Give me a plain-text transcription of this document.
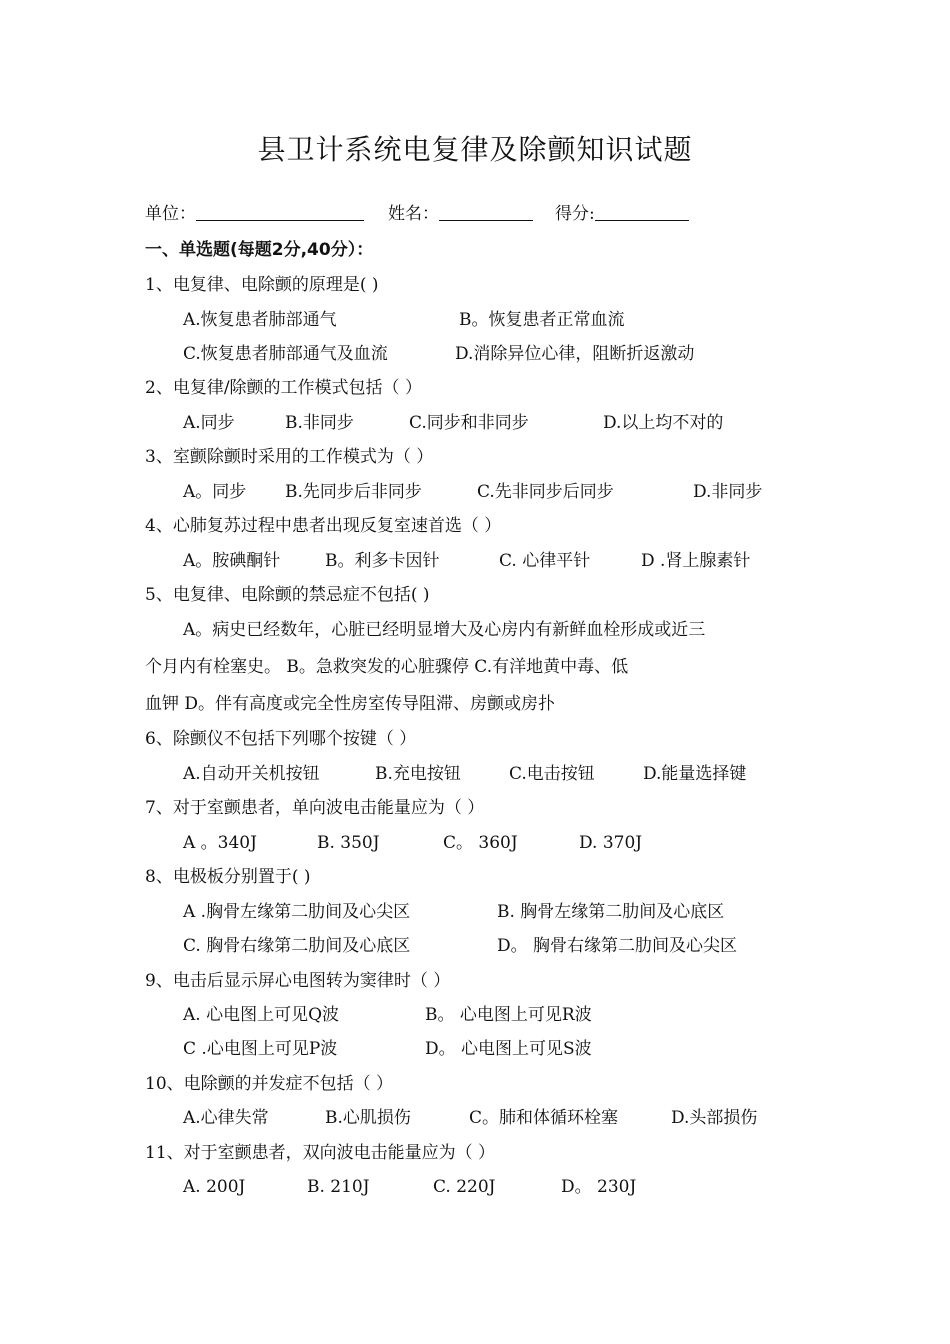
县卫计系统电复律及除颤知识试题
单位：	姓名：	得分:
一、单选题(每题2分,40分）：
1、电复律、电除颤的原理是( )
A.恢复患者肺部通气	B。恢复患者正常血流
C.恢复患者肺部通气及血流	D.消除异位心律，阻断折返激动
2、电复律/除颤的工作模式包括（ ）
A.同步	B.非同步	C.同步和非同步	D.以上均不对的
3、室颤除颤时采用的工作模式为（ ）
A。同步 B.先同步后非同步	C.先非同步后同步	D.非同步
4、心肺复苏过程中患者出现反复室速首选（ ）
A。胺碘酮针	B。利多卡因针	C. 心律平针	D .肾上腺素针
5、电复律、电除颤的禁忌症不包括( )
A。病史已经数年，心脏已经明显增大及心房内有新鲜血栓形成或近三
个月内有栓塞史。 B。急救突发的心脏骤停 C.有洋地黄中毒、低
血钾 D。伴有高度或完全性房室传导阻滞、房颤或房扑
6、除颤仪不包括下列哪个按键（ ）
A.自动开关机按钮	B.充电按钮	C.电击按钮	D.能量选择键
7、对于室颤患者，单向波电击能量应为（ ）
A 。340J	B. 350J	C。 360J	D. 370J
8、电极板分别置于( )
A .胸骨左缘第二肋间及心尖区	B. 胸骨左缘第二肋间及心底区
C. 胸骨右缘第二肋间及心底区	D。 胸骨右缘第二肋间及心尖区
9、电击后显示屏心电图转为窦律时（ ）
A. 心电图上可见Q波	B。 心电图上可见R波
C .心电图上可见P波	D。 心电图上可见S波
10、电除颤的并发症不包括（ ）
A.心律失常	B.心肌损伤	C。肺和体循环栓塞	D.头部损伤
11、对于室颤患者，双向波电击能量应为（ ）
A. 200J	B. 210J	C. 220J	D。 230J
